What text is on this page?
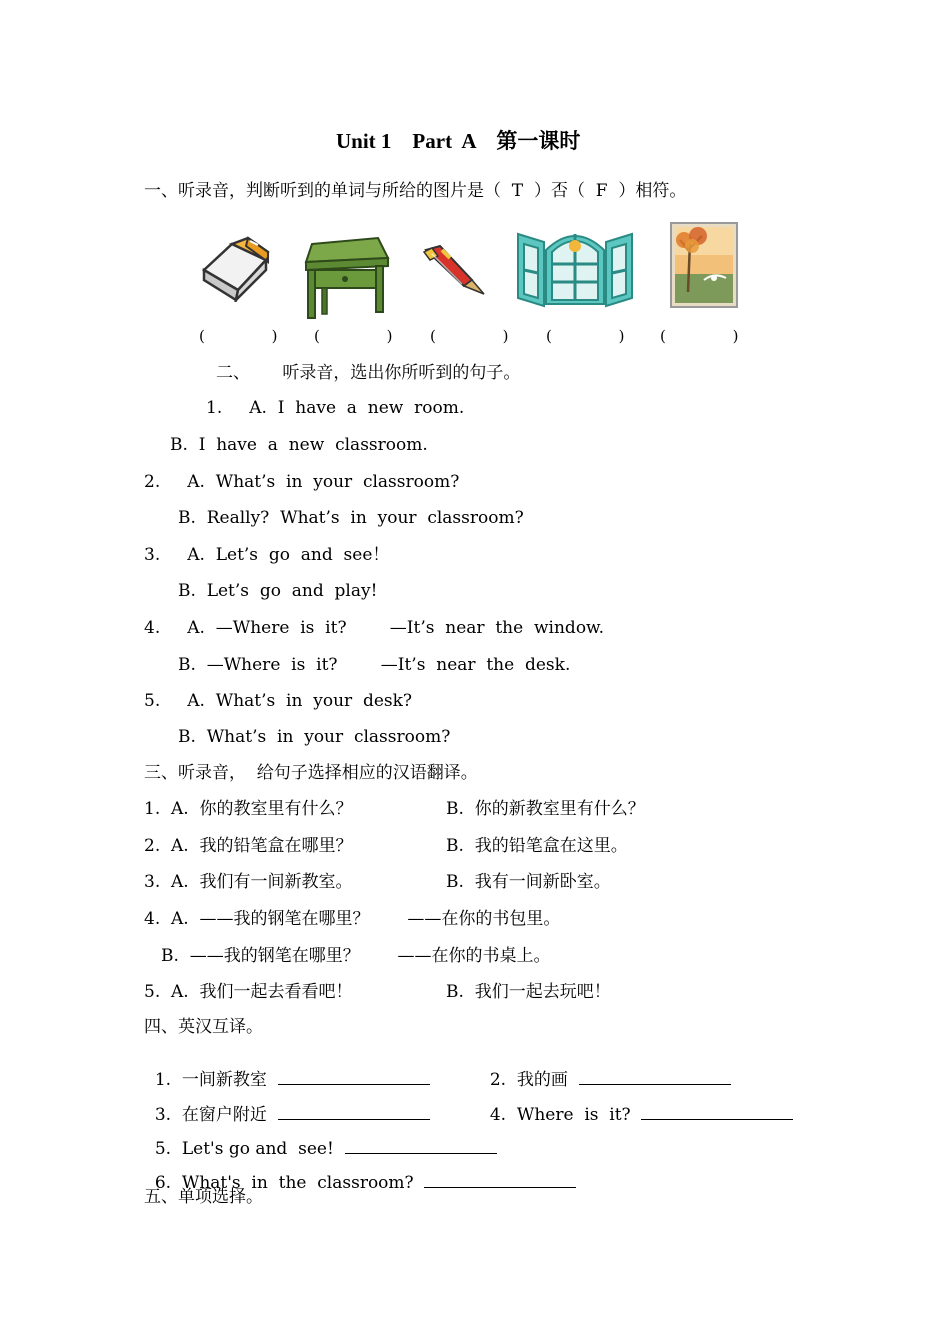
Unit 1    Part  A    第一课时
一、听录音，判断听到的单词与所给的图片是（  T  ）否（  F  ）相符。
(              ) (              )	(              )	(              ) (              )
二、      听录音，选出你所听到的句子。
1.     A.  I  have  a  new  room.
B.  I  have  a  new  classroom.
2.     A.  What’s  in  your  classroom?
B.  Really?  What’s  in  your  classroom?
3.     A.  Let’s  go  and  see！
B.  Let’s  go  and  play!
4.     A.  —Where  is  it?        —It’s  near  the  window.
B.  —Where  is  it?        —It’s  near  the  desk.
5.     A.  What’s  in  your  desk?
B.  What’s  in  your  classroom?
三、听录音，  给句子选择相应的汉语翻译。
1.  A.  你的教室里有什么？	B.  你的新教室里有什么？
2.  A.  我的铅笔盒在哪里？	B.  我的铅笔盒在这里。
3.  A.  我们有一间新教室。	B.  我有一间新卧室。
4.  A.  ——我的钢笔在哪里？       ——在你的书包里。
B.  ——我的钢笔在哪里？       ——在你的书桌上。
5.  A.  我们一起去看看吧！	B.  我们一起去玩吧！
四、英汉互译。

1.  一间新教室	2.  我的画

3.  在窗户附近	4.  Where  is  it?

5.  Let's go and  see!

6.  What's  in  the  classroom?

五、单项选择。
